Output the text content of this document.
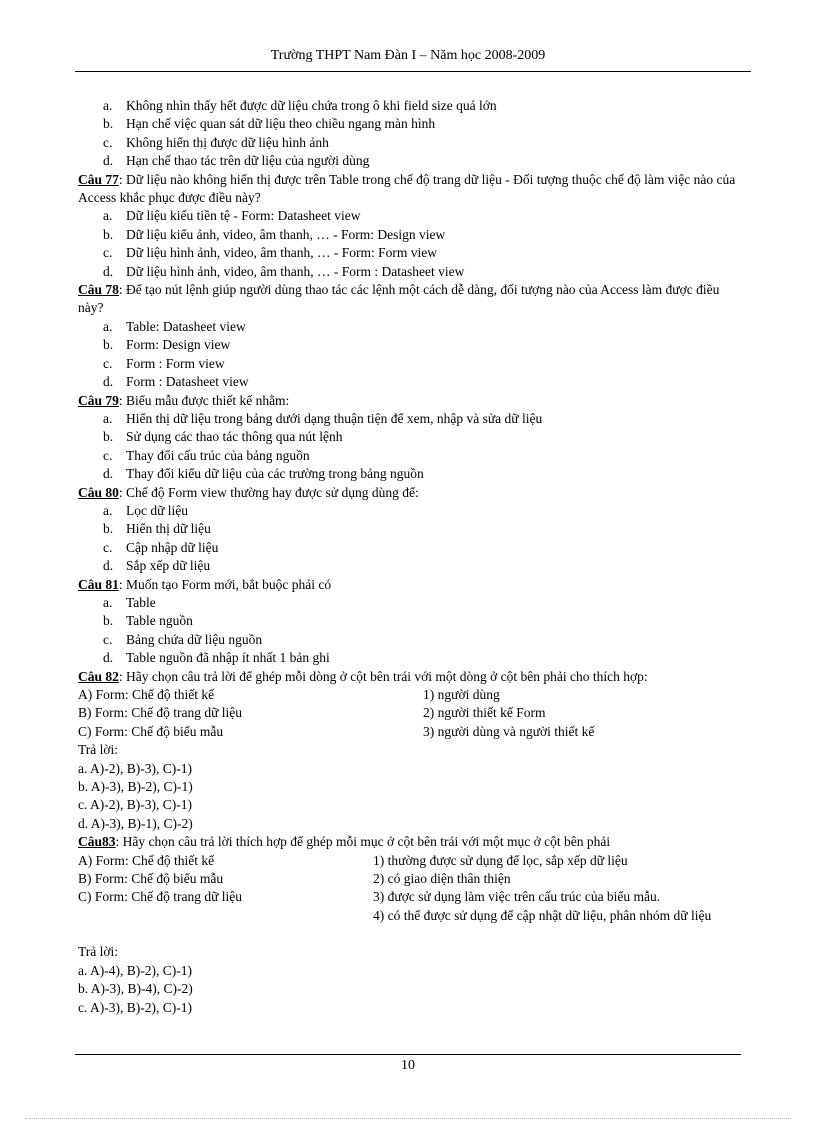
Trường THPT Nam Đàn I – Năm học 2008-2009
a. Không nhìn thấy hết được dữ liệu chứa trong ô khi field size quá lớn
b. Hạn chế việc quan sát dữ liệu theo chiều ngang màn hình
c. Không hiển thị được dữ liệu hình ảnh
d. Hạn chế thao tác trên dữ liệu của người dùng
Câu 77: Dữ liệu nào không hiển thị được trên Table trong chế độ trang dữ liệu - Đối tượng thuộc chế độ làm việc nào của Access khắc phục được điều này?
a. Dữ liệu kiểu tiền tệ - Form: Datasheet view
b. Dữ liệu kiểu ảnh, video, âm thanh, … - Form: Design view
c. Dữ liệu hình ảnh, video, âm thanh, … - Form: Form view
d. Dữ liệu hình ảnh, video, âm thanh, … - Form : Datasheet view
Câu 78: Để tạo nút lệnh giúp người dùng thao tác các lệnh một cách dễ dàng, đối tượng nào của Access làm được điều này?
a. Table: Datasheet view
b. Form: Design view
c. Form : Form view
d. Form : Datasheet view
Câu 79: Biểu mẫu được thiết kế nhằm:
a. Hiển thị dữ liệu trong bảng dưới dạng thuận tiện để xem, nhập và sửa dữ liệu
b. Sử dụng các thao tác thông qua nút lệnh
c. Thay đổi cấu trúc của bảng nguồn
d. Thay đổi kiểu dữ liệu của các trường trong bảng nguồn
Câu 80: Chế độ Form view thường hay được sử dụng dùng để:
a. Lọc dữ liệu
b. Hiển thị dữ liệu
c. Cập nhập dữ liệu
d. Sắp xếp dữ liệu
Câu 81: Muốn tạo Form mới, bắt buộc phải có
a. Table
b. Table nguồn
c. Bảng chứa dữ liệu nguồn
d. Table nguồn đã nhập ít nhất 1 bản ghi
Câu 82: Hãy chọn câu trả lời để ghép mỗi dòng ở cột bên trái với một dòng ở cột bên phải cho thích hợp:
A) Form: Chế độ thiết kế	1) người dùng
B) Form: Chế độ trang dữ liệu	2) người thiết kế Form
C) Form: Chế độ biểu mẫu	3) người dùng và người thiết kế
Trả lời:
a. A)-2), B)-3), C)-1)
b. A)-3), B)-2), C)-1)
c. A)-2), B)-3), C)-1)
d. A)-3), B)-1), C)-2)
Câu83: Hãy chọn câu trả lời thích hợp để ghép mỗi mục ở cột bên trái với một mục ở cột bên phải
A) Form: Chế độ thiết kế	1) thường được sử dụng để lọc, sắp xếp dữ liệu
B) Form: Chế độ biểu mẫu	2) có giao diện thân thiện
C) Form: Chế độ trang dữ liệu	3) được sử dụng làm việc trên cấu trúc của biểu mẫu.
4) có thể được sử dụng để cập nhật dữ liệu, phân nhóm dữ liệu
Trả lời:
a. A)-4), B)-2), C)-1)
b. A)-3), B)-4), C)-2)
c. A)-3), B)-2), C)-1)
10
